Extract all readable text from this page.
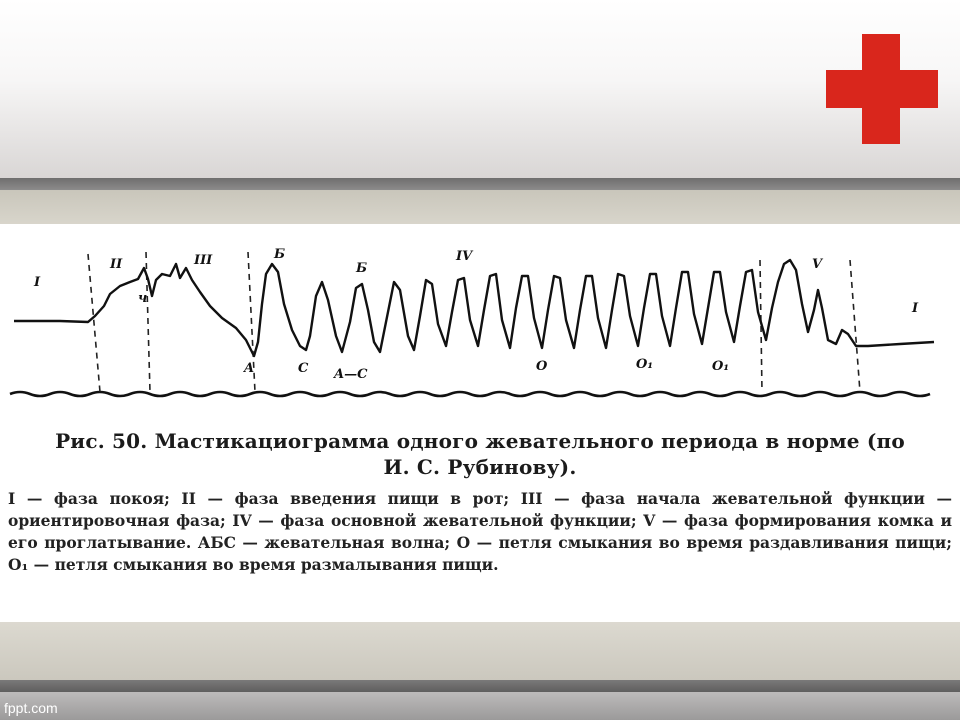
I
II	III	IV
V
I
ч
A
Б
Б
C A—C
O	O₁	O₁
Рис. 50. Мастикациограмма одного жевательного периода в норме (по
И. С. Рубинову).
I — фаза покоя; II — фаза введения пищи в рот; III — фаза начала жевательной функции — ориентировочная фаза; IV — фаза основной жевательной функции; V — фаза формирования комка и его проглатывание. АБС — жевательная волна; O — петля смыкания во время раздавливания пищи; O₁ — петля смыкания во время размалывания пищи.
fppt.com
